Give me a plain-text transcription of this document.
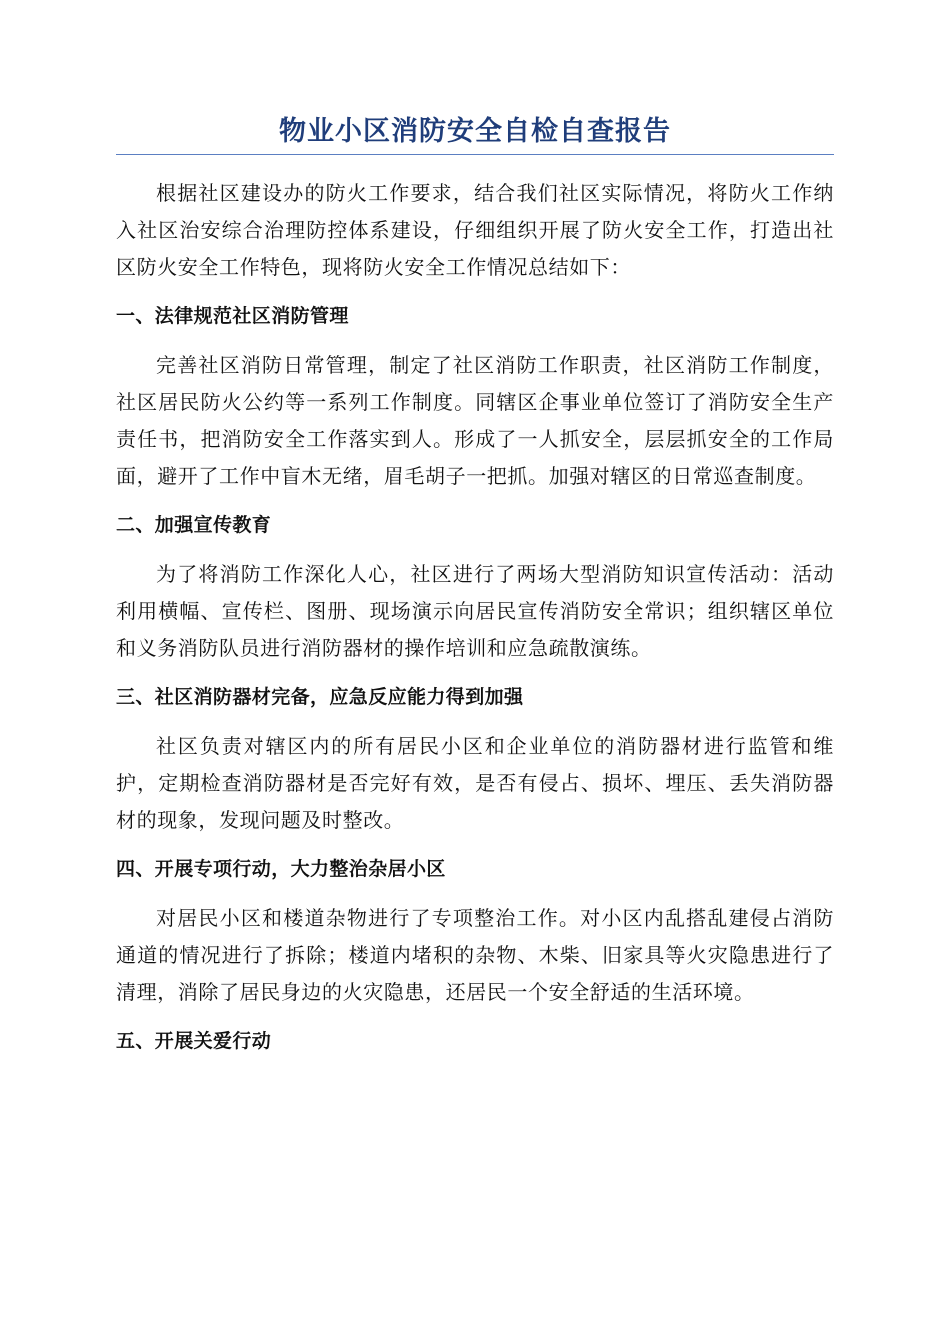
物业小区消防安全自检自查报告

根据社区建设办的防火工作要求，结合我们社区实际情况，将防火工作纳入社区治安综合治理防控体系建设，仔细组织开展了防火安全工作，打造出社区防火安全工作特色，现将防火安全工作情况总结如下：

一、法律规范社区消防管理

完善社区消防日常管理，制定了社区消防工作职责，社区消防工作制度，社区居民防火公约等一系列工作制度。同辖区企事业单位签订了消防安全生产责任书，把消防安全工作落实到人。形成了一人抓安全，层层抓安全的工作局面，避开了工作中盲木无绪，眉毛胡子一把抓。加强对辖区的日常巡查制度。

二、加强宣传教育

为了将消防工作深化人心，社区进行了两场大型消防知识宣传活动：活动利用横幅、宣传栏、图册、现场演示向居民宣传消防安全常识；组织辖区单位和义务消防队员进行消防器材的操作培训和应急疏散演练。

三、社区消防器材完备，应急反应能力得到加强

社区负责对辖区内的所有居民小区和企业单位的消防器材进行监管和维护，定期检查消防器材是否完好有效，是否有侵占、损坏、埋压、丢失消防器材的现象，发现问题及时整改。

四、开展专项行动，大力整治杂居小区

对居民小区和楼道杂物进行了专项整治工作。对小区内乱搭乱建侵占消防通道的情况进行了拆除；楼道内堵积的杂物、木柴、旧家具等火灾隐患进行了清理，消除了居民身边的火灾隐患，还居民一个安全舒适的生活环境。

五、开展关爱行动
